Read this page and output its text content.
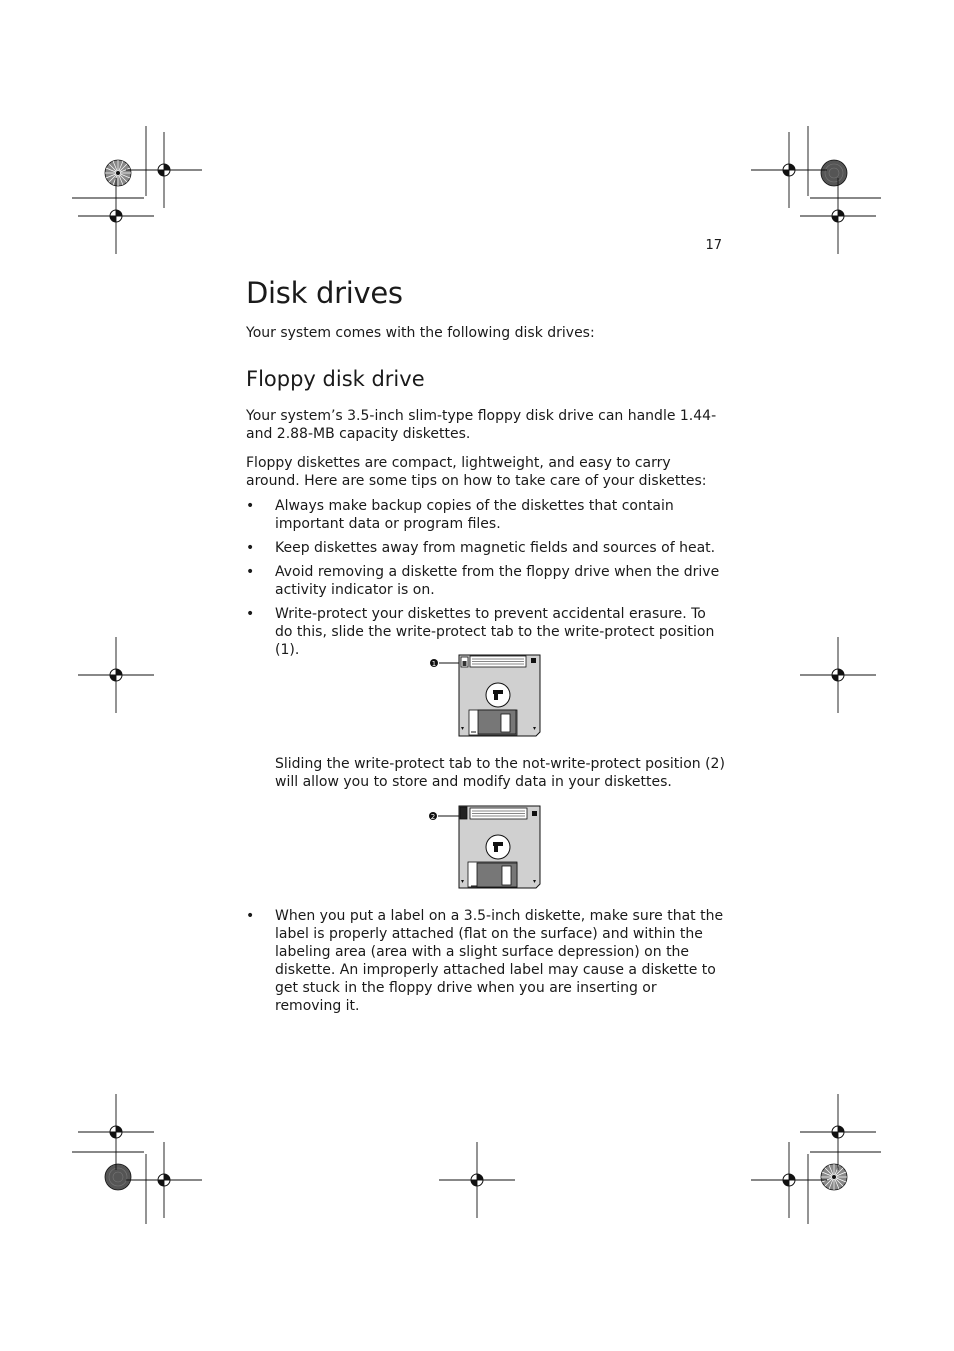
17
Disk drives

Your system comes with the following disk drives:

Floppy disk drive

Your system’s 3.5-inch slim-type floppy disk drive can handle 1.44- and 2.88-MB capacity diskettes.

Floppy diskettes are compact, lightweight, and easy to carry around. Here are some tips on how to take care of your diskettes:

• Always make backup copies of the diskettes that contain important data or program files.
• Keep diskettes away from magnetic fields and sources of heat.
• Avoid removing a diskette from the floppy drive when the drive activity indicator is on.
• Write-protect your diskettes to prevent accidental erasure. To do this, slide the write-protect tab to the write-protect position (1).
1
▾	▾

Sliding the write-protect tab to the not-write-protect position (2) will allow you to store and modify data in your diskettes.

2
▾	▾
• When you put a label on a 3.5-inch diskette, make sure that the label is properly attached (flat on the surface) and within the labeling area (area with a slight surface depression) on the diskette. An improperly attached label may cause a diskette to get stuck in the floppy drive when you are inserting or removing it.
